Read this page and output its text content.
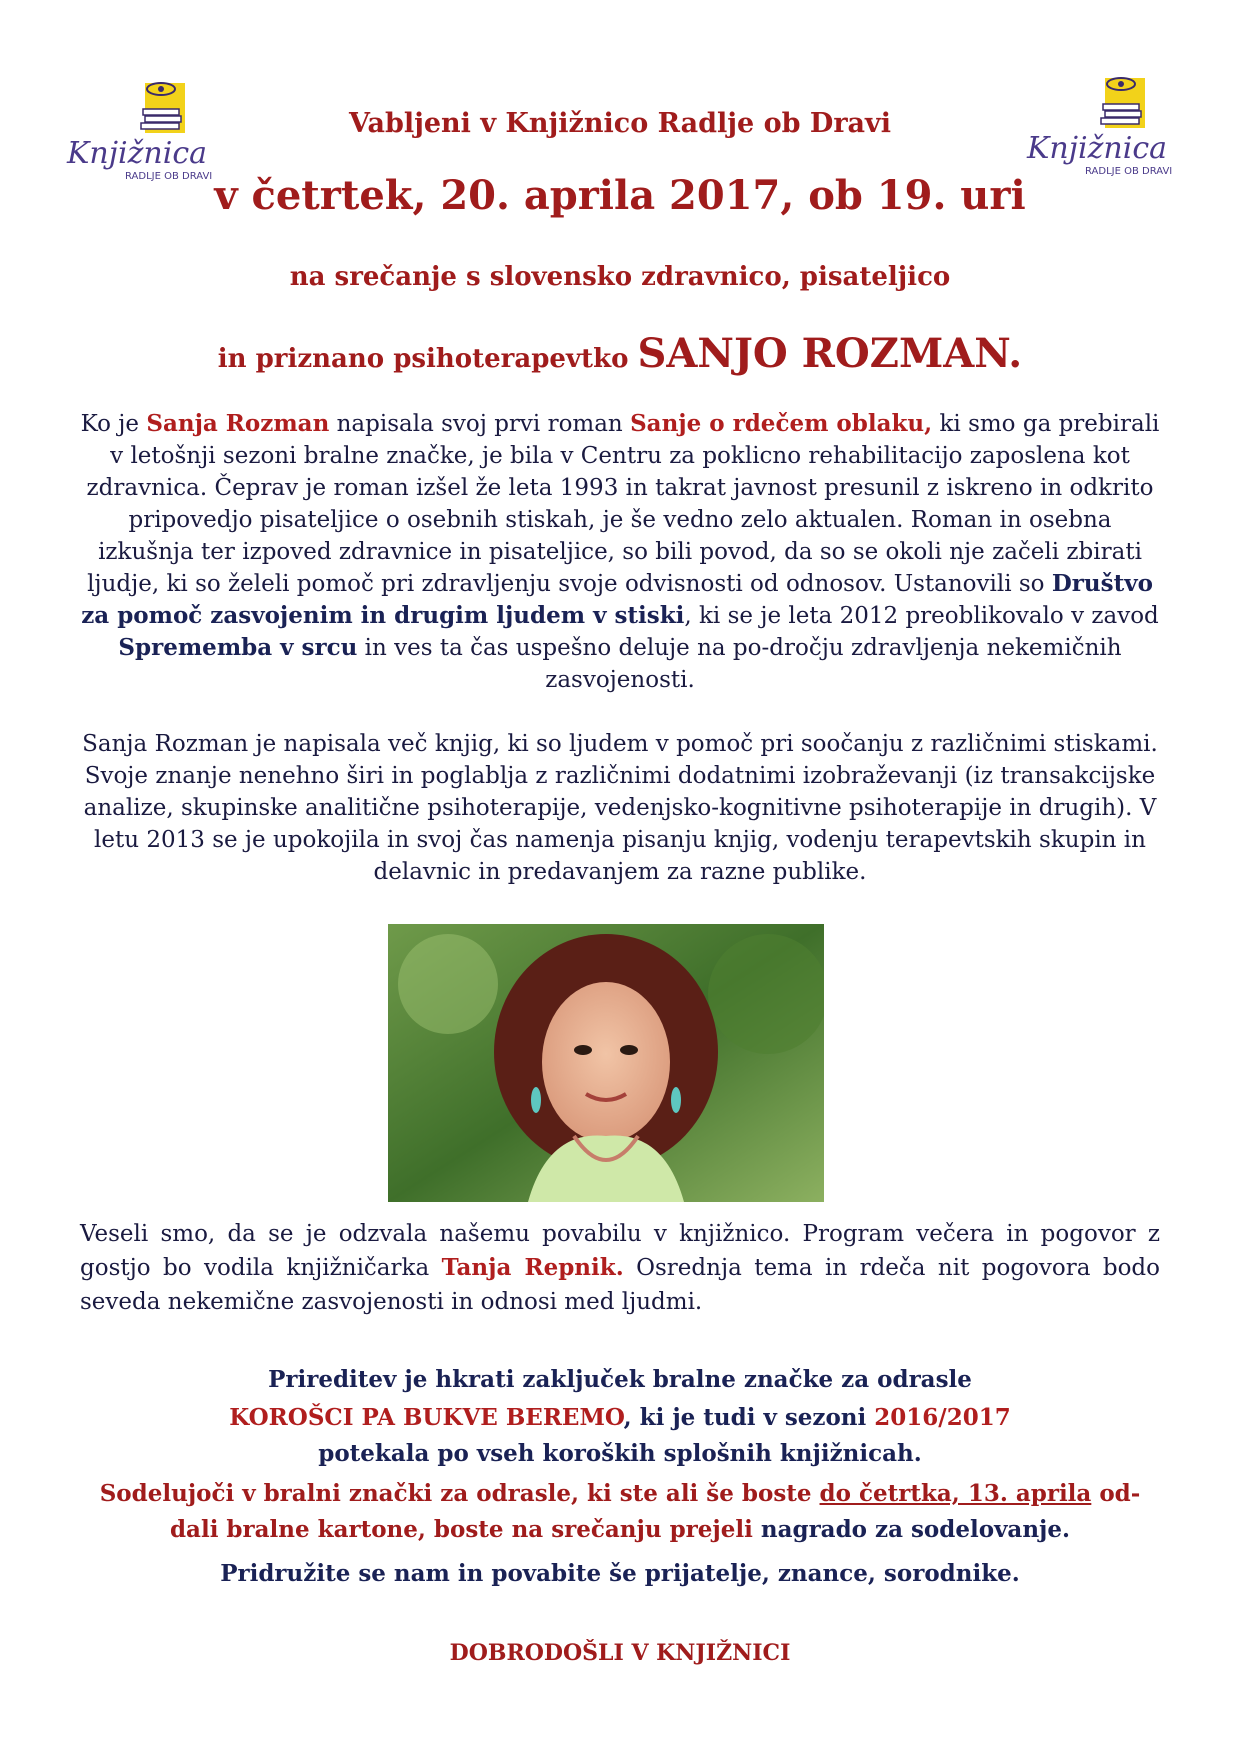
Knjižnica
RADLJE OB DRAVI
Knjižnica
RADLJE OB DRAVI
Vabljeni v Knjižnico Radlje ob Dravi
v četrtek, 20. aprila 2017, ob 19. uri
na srečanje s slovensko zdravnico, pisateljico
in priznano psihoterapevtko SANJO ROZMAN.
Ko je Sanja Rozman napisala svoj prvi roman Sanje o rdečem oblaku, ki smo ga prebirali v letošnji sezoni bralne značke, je bila v Centru za poklicno rehabilitacijo zaposlena kot zdravnica. Čeprav je roman izšel že leta 1993 in takrat javnost presunil z iskreno in odkrito pripovedjo pisateljice o osebnih stiskah, je še vedno zelo aktualen. Roman in osebna izkušnja ter izpoved zdravnice in pisateljice, so bili povod, da so se okoli nje začeli zbirati ljudje, ki so želeli pomoč pri zdravljenju svoje odvisnosti od odnosov. Ustanovili so Društvo za pomoč zasvojenim in drugim ljudem v stiski, ki se je leta 2012 preoblikovalo v zavod Sprememba v srcu in ves ta čas uspešno deluje na po-dročju zdravljenja nekemičnih zasvojenosti.
Sanja Rozman je napisala več knjig, ki so ljudem v pomoč pri soočanju z različnimi stiskami. Svoje znanje nenehno širi in poglablja z različnimi dodatnimi izobraževanji (iz transakcijske analize, skupinske analitične psihoterapije, vedenjsko-kognitivne psihoterapije in drugih). V letu 2013 se je upokojila in svoj čas namenja pisanju knjig, vodenju terapevtskih skupin in delavnic in predavanjem za razne publike.
Veseli smo, da se je odzvala našemu povabilu v knjižnico. Program večera in pogovor z gostjo bo vodila knjižničarka Tanja Repnik. Osrednja tema in rdeča nit pogovora bodo seveda nekemične zasvojenosti in odnosi med ljudmi.
Prireditev je hkrati zaključek bralne značke za odrasle
KOROŠCI PA BUKVE BEREMO, ki je tudi v sezoni 2016/2017
potekala po vseh koroških splošnih knjižnicah.
Sodelujoči v bralni znački za odrasle, ki ste ali še boste do četrtka, 13. aprila od-dali bralne kartone, boste na srečanju prejeli nagrado za sodelovanje.
Pridružite se nam in povabite še prijatelje, znance, sorodnike.
DOBRODOŠLI V KNJIŽNICI
